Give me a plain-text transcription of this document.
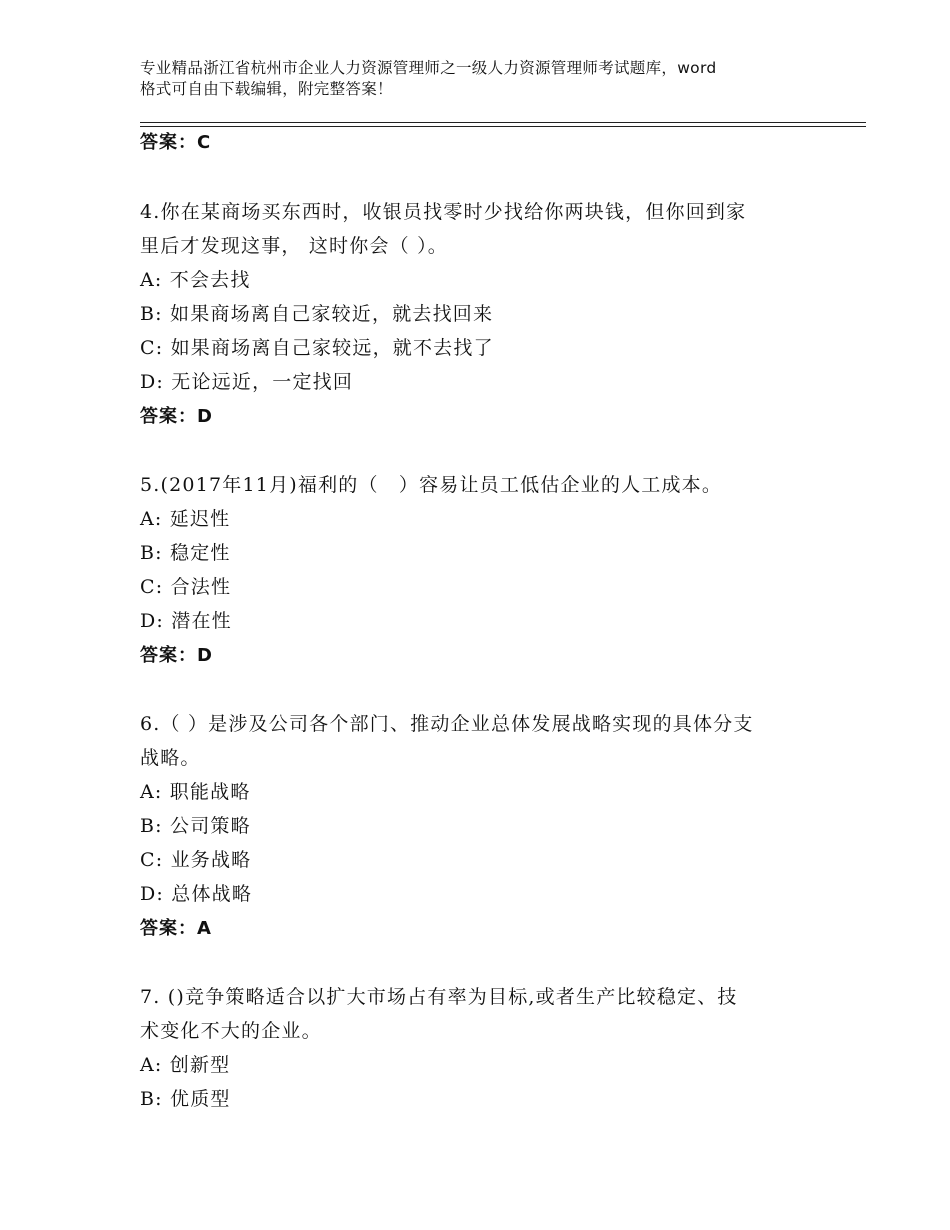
专业精品浙江省杭州市企业人力资源管理师之一级人力资源管理师考试题库，word
格式可自由下载编辑，附完整答案！
答案：C
4.你在某商场买东西时，收银员找零时少找给你两块钱，但你回到家
里后才发现这事， 这时你会（ ）。
A: 不会去找
B: 如果商场离自己家较近，就去找回来
C: 如果商场离自己家较远，就不去找了
D: 无论远近，一定找回
答案：D
5.(2017年11月)福利的（　）容易让员工低估企业的人工成本。
A: 延迟性
B: 稳定性
C: 合法性
D: 潜在性
答案：D
6.（ ）是涉及公司各个部门、推动企业总体发展战略实现的具体分支
战略。
A: 职能战略
B: 公司策略
C: 业务战略
D: 总体战略
答案：A
7. ()竞争策略适合以扩大市场占有率为目标,或者生产比较稳定、技
术变化不大的企业。
A: 创新型
B: 优质型
